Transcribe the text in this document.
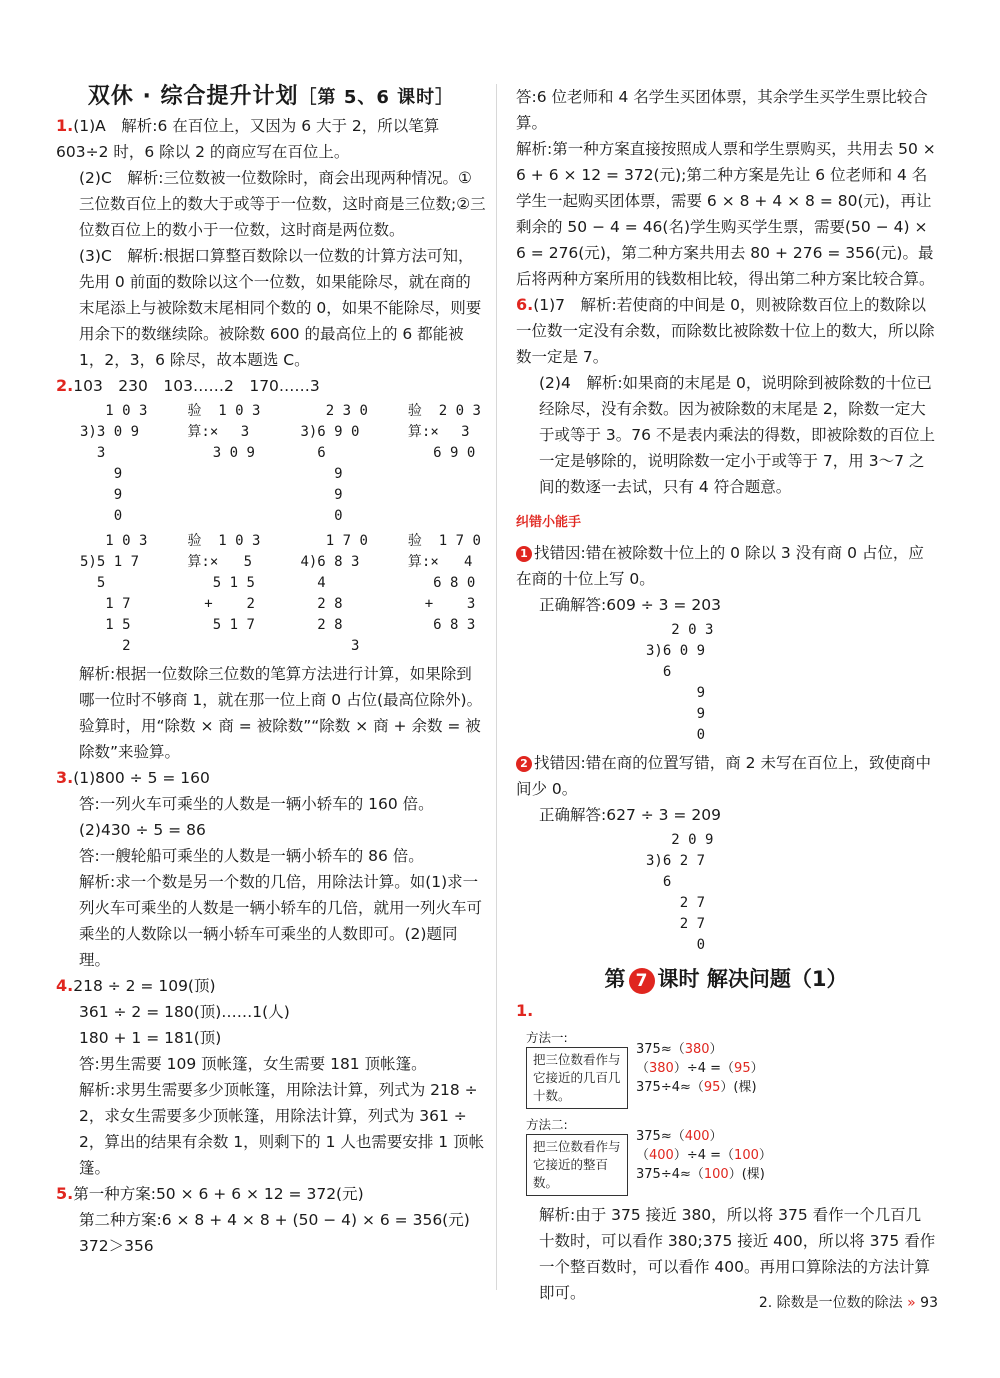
双休 · 综合提升计划［第 5、6 课时］

1.(1)A　解析:6 在百位上，又因为 6 大于 2，所以笔算 603÷2 时，6 除以 2 的商应写在百位上。

(2)C　解析:三位数被一位数除时，商会出现两种情况。①三位数百位上的数大于或等于一位数，这时商是三位数;②三位数百位上的数小于一位数，这时商是两位数。

(3)C　解析:根据口算整百数除以一位数的计算方法可知，先用 0 前面的数除以这个一位数，如果能除尽，就在商的末尾添上与被除数末尾相同个数的 0，如果不能除尽，则要用余下的数继续除。被除数 600 的最高位上的 6 都能被 1，2，3，6 除尽，故本题选 C。

2.103　230　103……2　170……3

1 0 3
3)3 0 9
3
9
9
0
验  1 0 3
算:× 　3
3 0 9
2 3 0
3)6 9 0
6
9
9
0
验  2 0 3
算:× 　3
6 9 0
1 0 3
5)5 1 7
5
1 7
1 5
2
验  1 0 3
算:×   5
5 1 5
+    2
5 1 7
1 7 0
4)6 8 3
4
2 8
2 8
3
验  1 7 0
算:×   4
6 8 0
+    3
6 8 3

解析:根据一位数除三位数的笔算方法进行计算，如果除到哪一位时不够商 1，就在那一位上商 0 占位(最高位除外)。验算时，用“除数 × 商 = 被除数”“除数 × 商 + 余数 = 被除数”来验算。

3.(1)800 ÷ 5 = 160

答:一列火车可乘坐的人数是一辆小轿车的 160 倍。

(2)430 ÷ 5 = 86

答:一艘轮船可乘坐的人数是一辆小轿车的 86 倍。

解析:求一个数是另一个数的几倍，用除法计算。如(1)求一列火车可乘坐的人数是一辆小轿车的几倍，就用一列火车可乘坐的人数除以一辆小轿车可乘坐的人数即可。(2)题同理。

4.218 ÷ 2 = 109(顶)

361 ÷ 2 = 180(顶)……1(人)

180 + 1 = 181(顶)

答:男生需要 109 顶帐篷，女生需要 181 顶帐篷。

解析:求男生需要多少顶帐篷，用除法计算，列式为 218 ÷ 2，求女生需要多少顶帐篷，用除法计算，列式为 361 ÷ 2，算出的结果有余数 1，则剩下的 1 人也需要安排 1 顶帐篷。

5.第一种方案:50 × 6 + 6 × 12 = 372(元)

第二种方案:6 × 8 + 4 × 8 + (50 − 4) × 6 = 356(元)

372＞356

答:6 位老师和 4 名学生买团体票，其余学生买学生票比较合算。

解析:第一种方案直接按照成人票和学生票购买，共用去 50 × 6 + 6 × 12 = 372(元);第二种方案是先让 6 位老师和 4 名学生一起购买团体票，需要 6 × 8 + 4 × 8 = 80(元)，再让剩余的 50 − 4 = 46(名)学生购买学生票，需要(50 − 4) × 6 = 276(元)，第二种方案共用去 80 + 276 = 356(元)。最后将两种方案所用的钱数相比较，得出第二种方案比较合算。

6.(1)7　解析:若使商的中间是 0，则被除数百位上的数除以一位数一定没有余数，而除数比被除数十位上的数大，所以除数一定是 7。

(2)4　解析:如果商的末尾是 0，说明除到被除数的十位已经除尽，没有余数。因为被除数的末尾是 2，除数一定大于或等于 3。76 不是表内乘法的得数，即被除数的百位上一定是够除的，说明除数一定小于或等于 7，用 3～7 之间的数逐一去试，只有 4 符合题意。

纠错小能手

1 找错因:错在被除数十位上的 0 除以 3 没有商 0 占位，应在商的十位上写 0。

正确解答:609 ÷ 3 = 203

2 0 3
3)6 0 9
6
9
9
0

2 找错因:错在商的位置写错，商 2 未写在百位上，致使商中间少 0。

正确解答:627 ÷ 3 = 209

2 0 9
3)6 2 7
6
2 7
2 7
0

第 7 课时 解决问题（1）

1.

方法一:
把三位数看作与它接近的几百几十数。
375≈（380）
（380）÷4 =（95）
375÷4≈（95）(棵)
方法二:
把三位数看作与它接近的整百数。
375≈（400）
（400）÷4 =（100）
375÷4≈（100）(棵)

解析:由于 375 接近 380，所以将 375 看作一个几百几十数时，可以看作 380;375 接近 400，所以将 375 看作一个整百数时，可以看作 400。再用口算除法的方法计算即可。

2. 除数是一位数的除法 » 93
